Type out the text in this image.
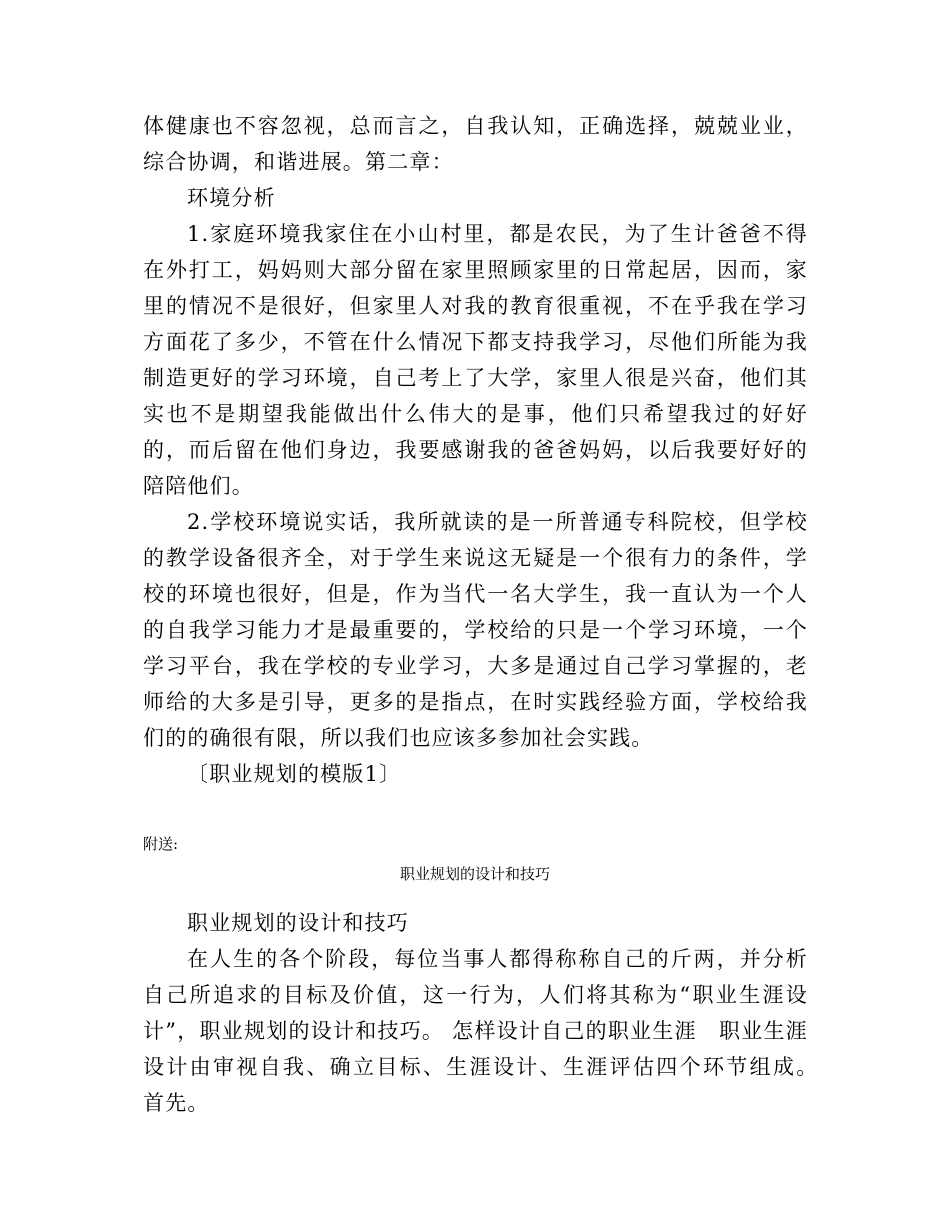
体健康也不容忽视，总而言之，自我认知，正确选择，兢兢业业，综合协调，和谐进展。第二章：

环境分析

1.家庭环境我家住在小山村里，都是农民，为了生计爸爸不得在外打工，妈妈则大部分留在家里照顾家里的日常起居，因而，家里的情况不是很好，但家里人对我的教育很重视，不在乎我在学习方面花了多少，不管在什么情况下都支持我学习，尽他们所能为我制造更好的学习环境，自己考上了大学，家里人很是兴奋，他们其实也不是期望我能做出什么伟大的是事，他们只希望我过的好好的，而后留在他们身边，我要感谢我的爸爸妈妈，以后我要好好的陪陪他们。

2.学校环境说实话，我所就读的是一所普通专科院校，但学校的教学设备很齐全，对于学生来说这无疑是一个很有力的条件，学校的环境也很好，但是，作为当代一名大学生，我一直认为一个人的自我学习能力才是最重要的，学校给的只是一个学习环境，一个学习平台，我在学校的专业学习，大多是通过自己学习掌握的，老师给的大多是引导，更多的是指点，在时实践经验方面，学校给我们的的确很有限，所以我们也应该多参加社会实践。

〔职业规划的模版1〕

附送:

职业规划的设计和技巧

职业规划的设计和技巧

在人生的各个阶段，每位当事人都得称称自己的斤两，并分析自己所追求的目标及价值，这一行为，人们将其称为“职业生涯设计”，职业规划的设计和技巧。 怎样设计自己的职业生涯　职业生涯设计由审视自我、确立目标、生涯设计、生涯评估四个环节组成。　首先。
